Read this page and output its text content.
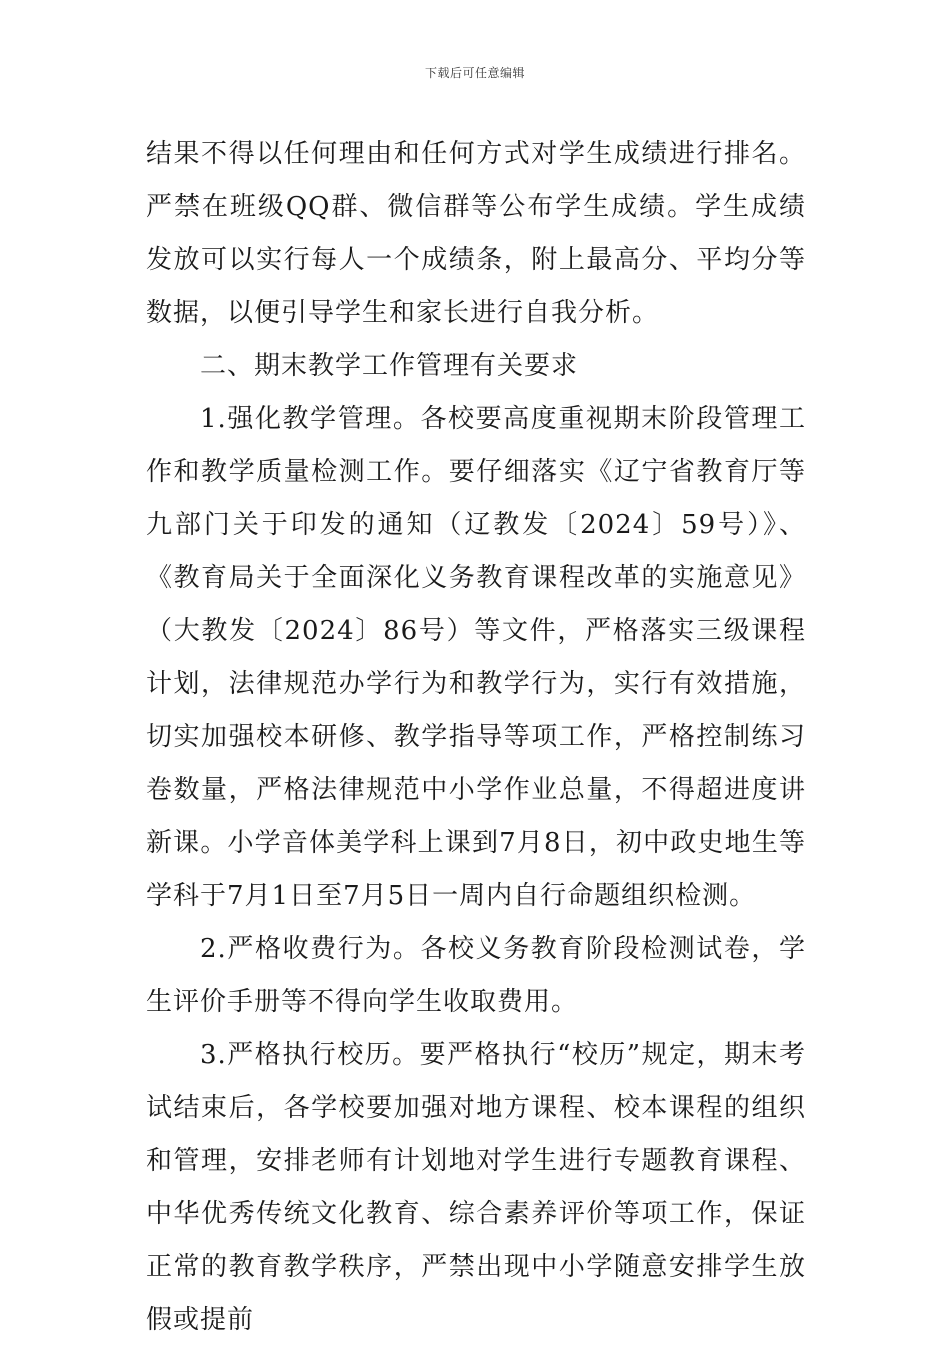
下载后可任意编辑

结果不得以任何理由和任何方式对学生成绩进行排名。严禁在班级QQ群、微信群等公布学生成绩。学生成绩发放可以实行每人一个成绩条，附上最高分、平均分等数据，以便引导学生和家长进行自我分析。

二、期末教学工作管理有关要求

1.强化教学管理。各校要高度重视期末阶段管理工作和教学质量检测工作。要仔细落实《辽宁省教育厅等九部门关于印发的通知（辽教发〔2024〕59号）》、《教育局关于全面深化义务教育课程改革的实施意见》（大教发〔2024〕86号）等文件，严格落实三级课程计划，法律规范办学行为和教学行为，实行有效措施，切实加强校本研修、教学指导等项工作，严格控制练习卷数量，严格法律规范中小学作业总量，不得超进度讲新课。小学音体美学科上课到7月8日，初中政史地生等学科于7月1日至7月5日一周内自行命题组织检测。

2.严格收费行为。各校义务教育阶段检测试卷，学生评价手册等不得向学生收取费用。

3.严格执行校历。要严格执行“校历”规定，期末考试结束后，各学校要加强对地方课程、校本课程的组织和管理，安排老师有计划地对学生进行专题教育课程、中华优秀传统文化教育、综合素养评价等项工作，保证正常的教育教学秩序，严禁出现中小学随意安排学生放假或提前
